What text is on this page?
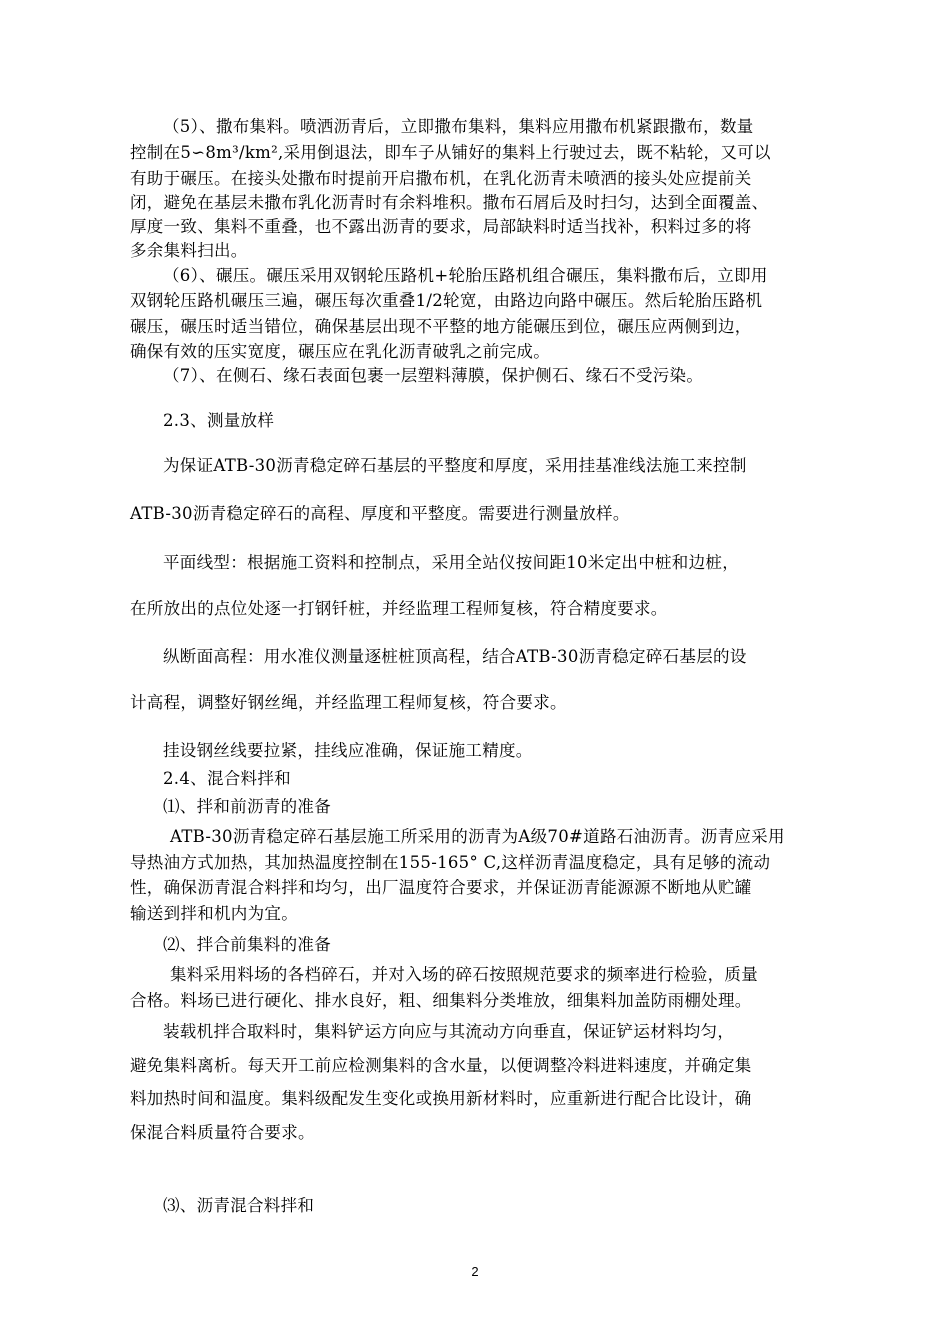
（5）、撒布集料。喷洒沥青后，立即撒布集料，集料应用撒布机紧跟撒布，数量
控制在5∽8m³/km²,采用倒退法，即车子从铺好的集料上行驶过去，既不粘轮，又可以
有助于碾压。在接头处撒布时提前开启撒布机，在乳化沥青未喷洒的接头处应提前关
闭，避免在基层未撒布乳化沥青时有余料堆积。撒布石屑后及时扫匀，达到全面覆盖、
厚度一致、集料不重叠，也不露出沥青的要求，局部缺料时适当找补，积料过多的将
多余集料扫出。
（6）、碾压。碾压采用双钢轮压路机+轮胎压路机组合碾压，集料撒布后，立即用
双钢轮压路机碾压三遍，碾压每次重叠1/2轮宽，由路边向路中碾压。然后轮胎压路机
碾压，碾压时适当错位，确保基层出现不平整的地方能碾压到位，碾压应两侧到边，
确保有效的压实宽度，碾压应在乳化沥青破乳之前完成。
（7）、在侧石、缘石表面包裹一层塑料薄膜，保护侧石、缘石不受污染。
2.3、测量放样
为保证ATB-30沥青稳定碎石基层的平整度和厚度，采用挂基准线法施工来控制
ATB-30沥青稳定碎石的高程、厚度和平整度。需要进行测量放样。
平面线型：根据施工资料和控制点，采用全站仪按间距10米定出中桩和边桩，
在所放出的点位处逐一打钢钎桩，并经监理工程师复核，符合精度要求。
纵断面高程：用水准仪测量逐桩桩顶高程，结合ATB-30沥青稳定碎石基层的设
计高程，调整好钢丝绳，并经监理工程师复核，符合要求。
挂设钢丝线要拉紧，挂线应准确，保证施工精度。
2.4、混合料拌和
⑴、拌和前沥青的准备
ATB-30沥青稳定碎石基层施工所采用的沥青为A级70#道路石油沥青。沥青应采用
导热油方式加热，其加热温度控制在155-165° C,这样沥青温度稳定，具有足够的流动
性，确保沥青混合料拌和均匀，出厂温度符合要求，并保证沥青能源源不断地从贮罐
输送到拌和机内为宜。
⑵、拌合前集料的准备
集料采用料场的各档碎石，并对入场的碎石按照规范要求的频率进行检验，质量
合格。料场已进行硬化、排水良好，粗、细集料分类堆放，细集料加盖防雨棚处理。
装载机拌合取料时，集料铲运方向应与其流动方向垂直，保证铲运材料均匀，
避免集料离析。每天开工前应检测集料的含水量，以便调整冷料进料速度，并确定集
料加热时间和温度。集料级配发生变化或换用新材料时，应重新进行配合比设计，确
保混合料质量符合要求。
⑶、沥青混合料拌和
2
